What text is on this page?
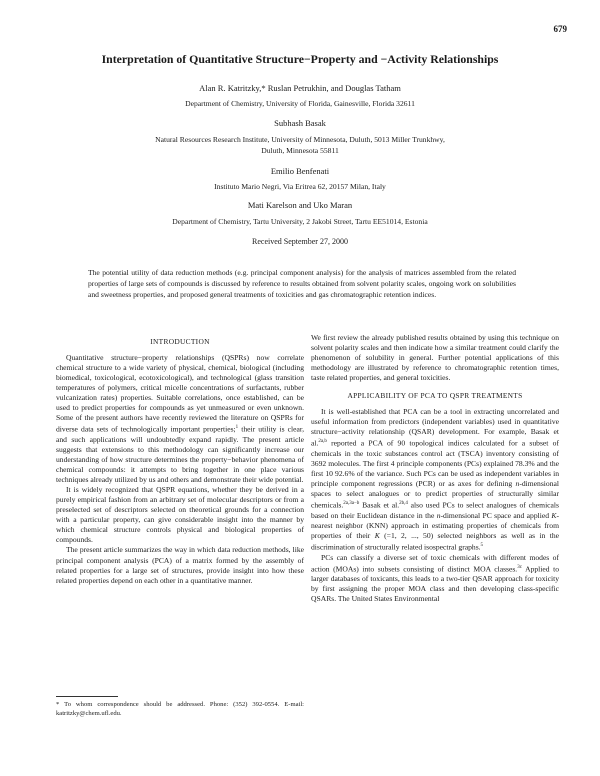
679
Interpretation of Quantitative Structure−Property and −Activity Relationships
Alan R. Katritzky,* Ruslan Petrukhin, and Douglas Tatham
Department of Chemistry, University of Florida, Gainesville, Florida 32611
Subhash Basak
Natural Resources Research Institute, University of Minnesota, Duluth, 5013 Miller Trunkhwy,
Duluth, Minnesota 55811
Emilio Benfenati
Instituto Mario Negri, Via Eritrea 62, 20157 Milan, Italy
Mati Karelson and Uko Maran
Department of Chemistry, Tartu University, 2 Jakobi Street, Tartu EE51014, Estonia
Received September 27, 2000
The potential utility of data reduction methods (e.g. principal component analysis) for the analysis of matrices assembled from the related properties of large sets of compounds is discussed by reference to results obtained from solvent polarity scales, ongoing work on solubilities and sweetness properties, and proposed general treatments of toxicities and gas chromatographic retention indices.
INTRODUCTION

Quantitative structure−property relationships (QSPRs) now correlate chemical structure to a wide variety of physical, chemical, biological (including biomedical, toxicological, ecotoxicological), and technological (glass transition temperatures of polymers, critical micelle concentrations of surfactants, rubber vulcanization rates) properties. Suitable correlations, once established, can be used to predict properties for compounds as yet unmeasured or even unknown. Some of the present authors have recently reviewed the literature on QSPRs for diverse data sets of technologically important properties;$^1$ their utility is clear, and such applications will undoubtedly expand rapidly. The present article suggests that extensions to this methodology can significantly increase our understanding of how structure determines the property−behavior phenomena of chemical compounds: it attempts to bring together in one place various techniques already utilized by us and others and demonstrate their wide potential.

It is widely recognized that QSPR equations, whether they be derived in a purely empirical fashion from an arbitrary set of molecular descriptors or from a preselected set of descriptors selected on theoretical grounds for a connection with a particular property, can give considerable insight into the manner by which chemical structure controls physical and biological properties of compounds.

The present article summarizes the way in which data reduction methods, like principal component analysis (PCA) of a matrix formed by the assembly of related properties for a large set of structures, provide insight into how these related properties depend on each other in a quantitative manner.

* To whom correspondence should be addressed. Phone: (352) 392-0554. E-mail: katritzky@chem.ufl.edu.

We first review the already published results obtained by using this technique on solvent polarity scales and then indicate how a similar treatment could clarify the phenomenon of solubility in general. Further potential applications of this methodology are illustrated by reference to chromatographic retention times, taste related properties, and general toxicities.

APPLICABILITY OF PCA TO QSPR TREATMENTS

It is well-established that PCA can be a tool in extracting uncorrelated and useful information from predictors (independent variables) used in quantitative structure−activity relationship (QSAR) development. For example, Basak et al.$^{2a,b}$ reported a PCA of 90 topological indices calculated for a subset of chemicals in the toxic substances control act (TSCA) inventory consisting of 3692 molecules. The first 4 principle components (PCs) explained 78.3% and the first 10 92.6% of the variance. Such PCs can be used as independent variables in principle component regressions (PCR) or as axes for defining n-dimensional spaces to select analogues or to predict properties of structurally similar chemicals.$^{2a,3a-b}$ Basak et al.$^{2b,4}$ also used PCs to select analogues of chemicals based on their Euclidean distance in the n-dimensional PC space and applied K-nearest neighbor (KNN) approach in estimating properties of chemicals from properties of their K (=1, 2, ..., 50) selected neighbors as well as in the discrimination of structurally related isospectral graphs.$^5$

PCs can classify a diverse set of toxic chemicals with different modes of action (MOAs) into subsets consisting of distinct MOA classes.$^{3c}$ Applied to larger databases of toxicants, this leads to a two-tier QSAR approach for toxicity by first assigning the proper MOA class and then developing class-specific QSARs. The United States Environmental
